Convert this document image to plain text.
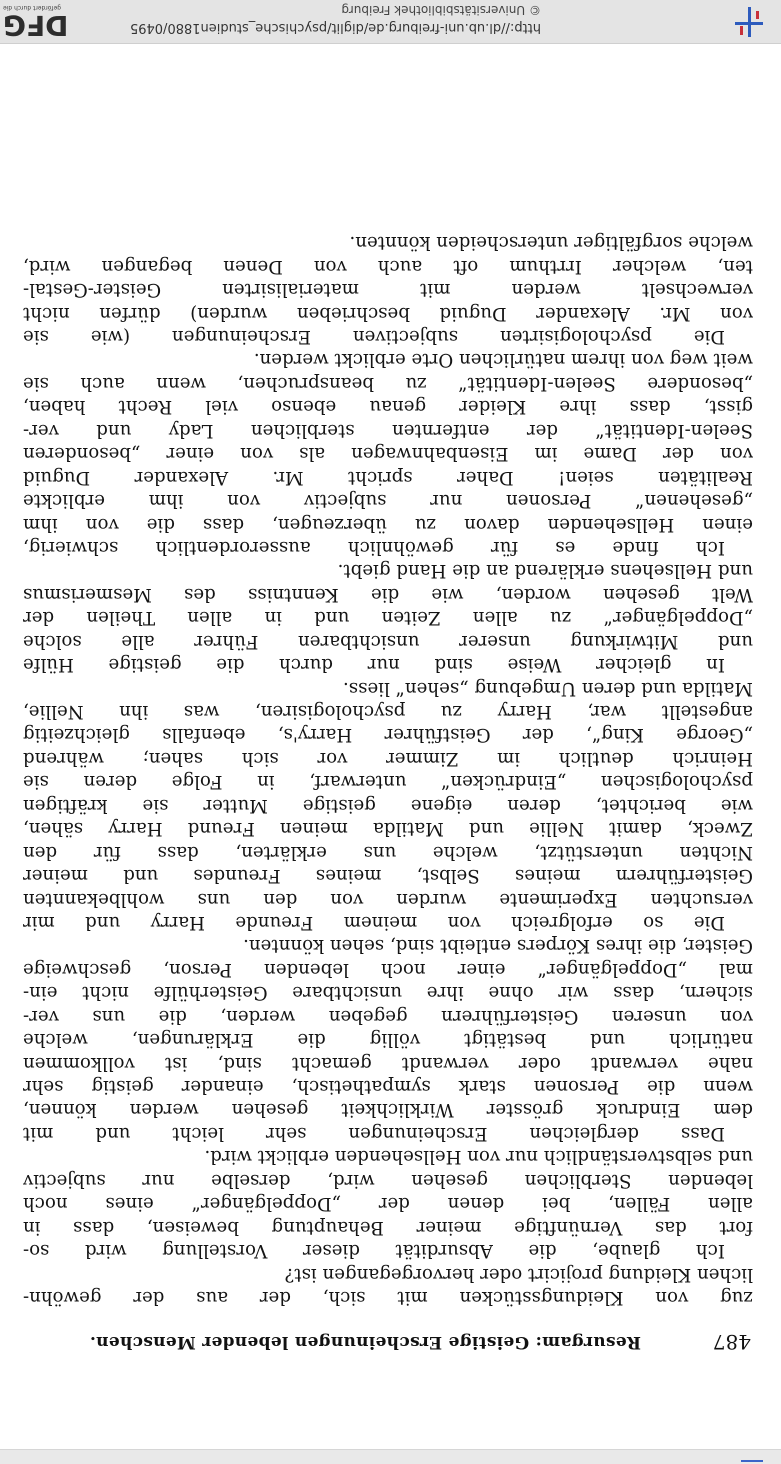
487
Resurgam: Geistige Erscheinungen lebender Menschen.
zug von Kleidungsstücken mit sich, der aus der gewöhn-
lichen Kleidung projicirt oder hervorgegangen ist?
Ich glaube, die Absurdität dieser Vorstellung wird so-
fort das Vernünftige meiner Behauptung beweisen, dass in
allen Fällen, bei denen der „Doppelgänger“ eines noch
lebenden Sterblichen gesehen wird, derselbe nur subjectiv
und selbstverständlich nur von Hellsehenden erblickt wird.
Dass dergleichen Erscheinungen sehr leicht und mit
dem Eindruck grösster Wirklichkeit gesehen werden können,
wenn die Personen stark sympathetisch, einander geistig sehr
nahe verwandt oder verwandt gemacht sind, ist vollkommen
natürlich und bestätigt völlig die Erklärungen, welche
von unseren Geisterführern gegeben werden, die uns ver-
sichern, dass wir ohne ihre unsichtbare Geisterhülfe nicht ein-
mal „Doppelgänger“ einer noch lebenden Person, geschweige
Geister, die ihres Körpers entleibt sind, sehen könnten.
Die so erfolgreich von meinem Freunde Harry und mir
versuchten Experimente wurden von den uns wohlbekannten
Geisterführern meines Selbst, meines Freundes und meiner
Nichten unterstützt, welche uns erklärten, dass für den
Zweck, damit Nellie und Matilda meinen Freund Harry sähen,
wie berichtet, deren eigene geistige Mutter sie kräftigen
psychologischen „Eindrücken“ unterwarf, in Folge deren sie
Heinrich deutlich im Zimmer vor sich sahen; während
„George King“, der Geistführer Harry's, ebenfalls gleichzeitig
angestellt war, Harry zu psychologisiren, was ihn Nellie,
Matilda und deren Umgebung „sehen“ liess.
In gleicher Weise sind nur durch die geistige Hülfe
und Mitwirkung unserer unsichtbaren Führer alle solche
„Doppelgänger“ zu allen Zeiten und in allen Theilen der
Welt gesehen worden, wie die Kenntniss des Mesmerismus
und Hellsehens erklärend an die Hand giebt.
Ich finde es für gewöhnlich ausserordentlich schwierig,
einen Hellsehenden davon zu überzeugen, dass die von ihm
„gesehenen“ Personen nur subjectiv von ihm erblickte
Realitäten seien! Daher spricht Mr. Alexander Duguid
von der Dame im Eisenbahnwagen als von einer „besonderen
Seelen-Identität“ der entfernten sterblichen Lady und ver-
gisst, dass ihre Kleider genau ebenso viel Recht haben,
„besondere Seelen-Identität“ zu beanspruchen, wenn auch sie
weit weg von ihrem natürlichen Orte erblickt werden.
Die psychologisirten subjectiven Erscheinungen (wie sie
von Mr. Alexander Duguid beschrieben wurden) dürfen nicht
verwechselt werden mit materialisirten Geister-Gestal-
ten, welcher Irrthum oft auch von Denen begangen wird,
welche sorgfältiger unterscheiden könnten.
http://dl.ub.uni-freiburg.de/diglit/psychische_studien1880/0495
© Universitätsbibliothek Freiburg
DFG
gefördert durch die
